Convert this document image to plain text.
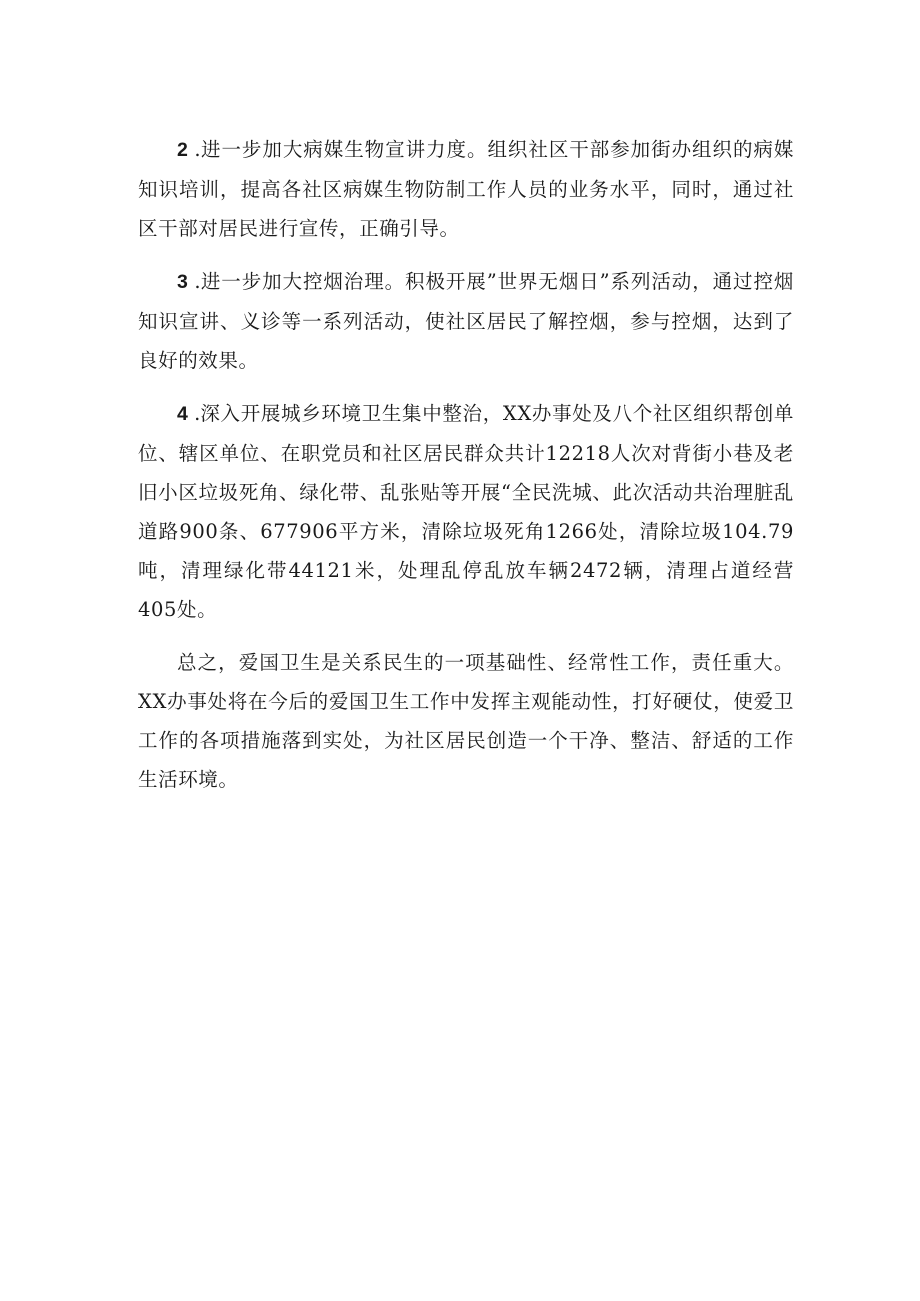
2 .进一步加大病媒生物宣讲力度。组织社区干部参加街办组织的病媒知识培训，提高各社区病媒生物防制工作人员的业务水平，同时，通过社区干部对居民进行宣传，正确引导。

3 .进一步加大控烟治理。积极开展”世界无烟日”系列活动，通过控烟知识宣讲、义诊等一系列活动，使社区居民了解控烟，参与控烟，达到了良好的效果。

4 .深入开展城乡环境卫生集中整治，XX办事处及八个社区组织帮创单位、辖区单位、在职党员和社区居民群众共计12218人次对背街小巷及老旧小区垃圾死角、绿化带、乱张贴等开展“全民洗城、此次活动共治理脏乱道路900条、677906平方米，清除垃圾死角1266处，清除垃圾104.79吨，清理绿化带44121米，处理乱停乱放车辆2472辆，清理占道经营405处。

总之，爱国卫生是关系民生的一项基础性、经常性工作，责任重大。XX办事处将在今后的爱国卫生工作中发挥主观能动性，打好硬仗，使爱卫工作的各项措施落到实处，为社区居民创造一个干净、整洁、舒适的工作生活环境。
